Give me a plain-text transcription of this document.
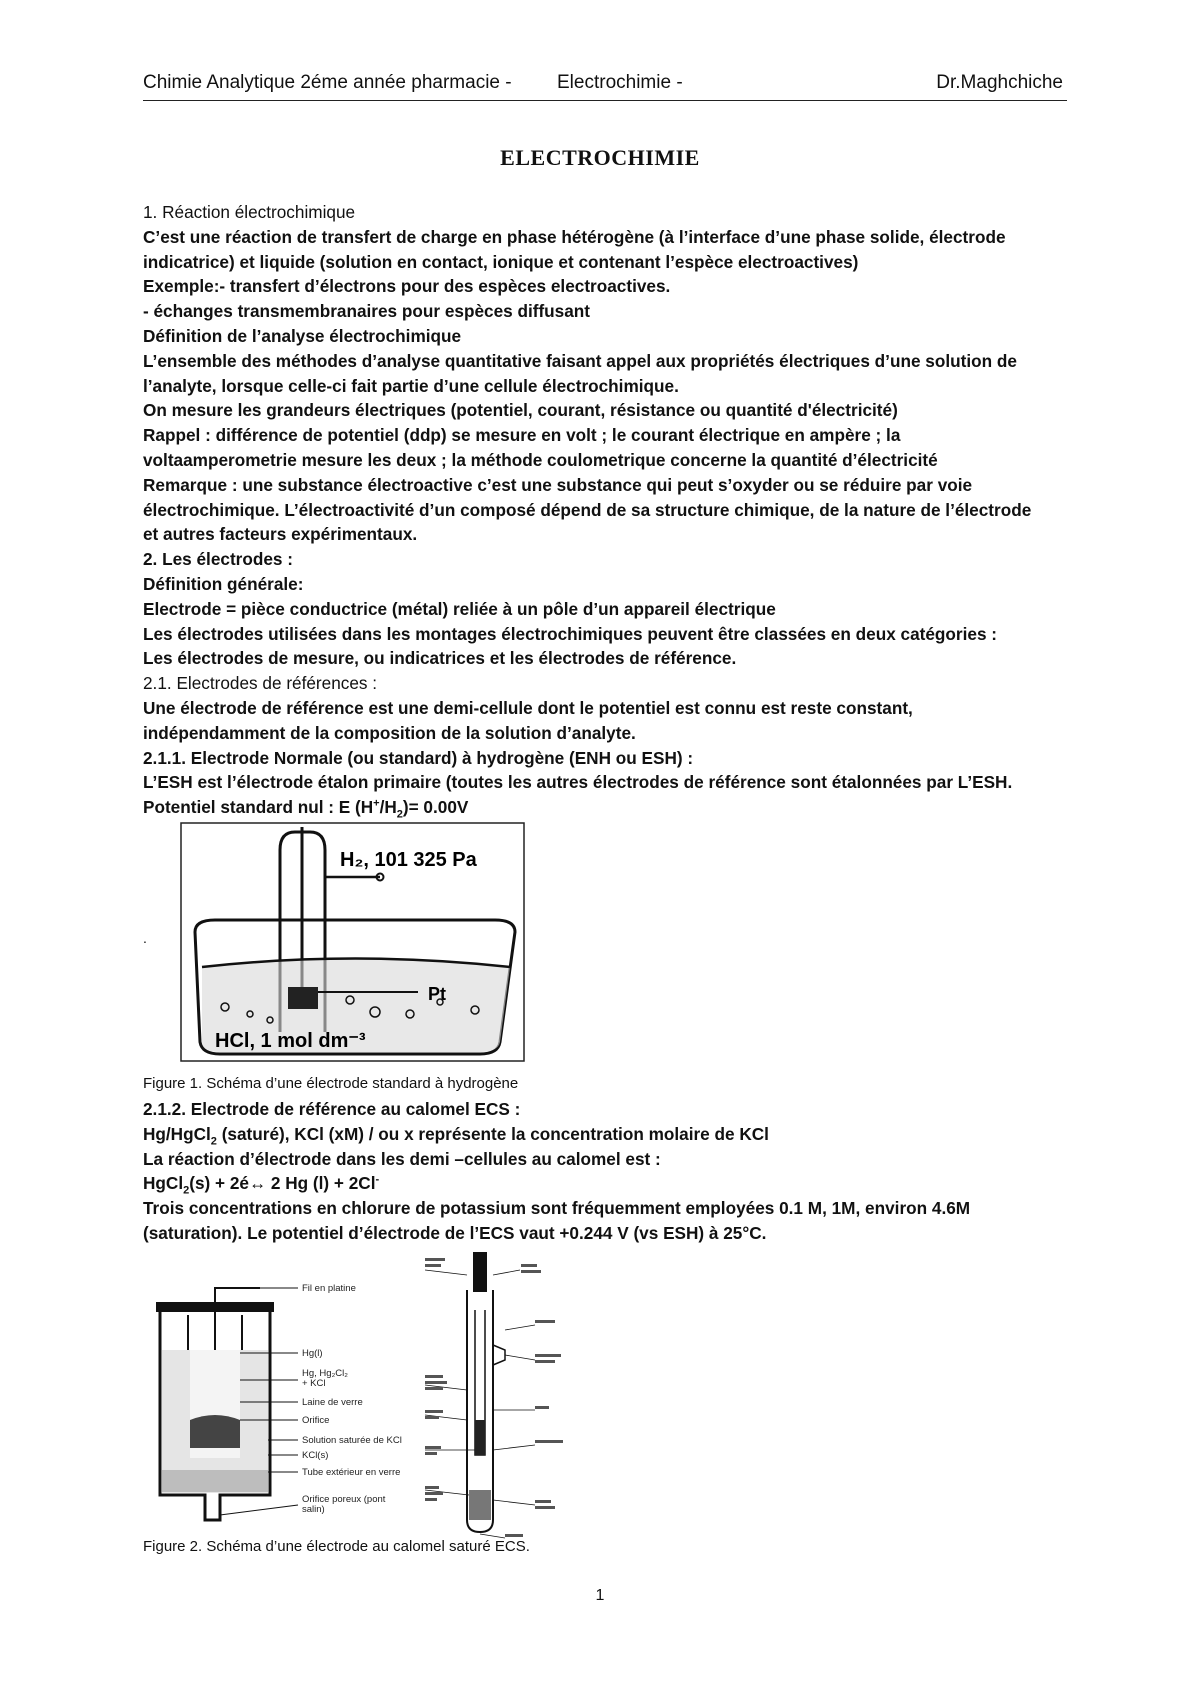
Chimie Analytique 2éme année pharmacie - Electrochimie -	Dr.Maghchiche
ELECTROCHIMIE

1. Réaction électrochimique

C’est une réaction de transfert de charge en phase hétérogène (à l’interface d’une phase solide, électrode

indicatrice) et liquide (solution en contact, ionique et contenant l’espèce electroactives)

Exemple:- transfert d’électrons pour des espèces electroactives.

- échanges transmembranaires pour espèces diffusant

Définition de l’analyse électrochimique

L’ensemble des méthodes d’analyse quantitative faisant appel aux propriétés électriques d’une solution de

l’analyte, lorsque celle-ci fait partie d’une cellule électrochimique.

On mesure les grandeurs électriques (potentiel, courant, résistance ou quantité d'électricité)

Rappel : différence de potentiel (ddp) se mesure en volt ; le courant électrique en ampère ; la

voltaamperometrie mesure les deux ; la méthode coulometrique concerne la quantité d’électricité

Remarque : une substance électroactive c’est une substance qui peut s’oxyder ou se réduire par voie

électrochimique. L’électroactivité d’un composé dépend de sa structure chimique, de la nature de l’électrode

et autres facteurs expérimentaux.

2. Les électrodes :

Définition générale:

Electrode = pièce conductrice (métal) reliée à un pôle d’un appareil électrique

Les électrodes utilisées dans les montages électrochimiques peuvent être classées en deux catégories :

Les électrodes de mesure, ou indicatrices et les électrodes de référence.

2.1. Electrodes de références :

Une électrode de référence est une demi-cellule dont le potentiel est connu est reste constant,

indépendamment de la composition de la solution d’analyte.

2.1.1. Electrode Normale (ou standard) à hydrogène (ENH ou ESH) :

L’ESH est l’électrode étalon primaire (toutes les autres électrodes de référence sont étalonnées par L’ESH.

Potentiel standard nul : E $(H^+/H_2)= 0.00V$

H₂, 101 325 Pa
Pt
HCl, 1 mol dm⁻³
.
Figure 1. Schéma d’une électrode standard à hydrogène

2.1.2. Electrode de référence au calomel ECS :

Hg/HgCl$_2$ (saturé), KCl (xM) / ou x représente la concentration molaire de KCl

La réaction d’électrode dans les demi –cellules au calomel est :

HgCl$_2$(s) + 2é↔ 2 Hg (l) + 2Cl-

Trois concentrations en chlorure de potassium sont fréquemment employées 0.1 M, 1M, environ 4.6M

(saturation). Le potentiel d’électrode de l’ECS vaut +0.244 V (vs ESH) à 25°C.

Fil en platine
Hg(l)
Hg, Hg₂Cl₂
+ KCl
Laine de verre
Orifice
Solution saturée de KCl
KCl(s)
Tube extérieur en verre
Orifice poreux (pont
salin)
Figure 2. Schéma d’une électrode au calomel saturé ECS.
1
